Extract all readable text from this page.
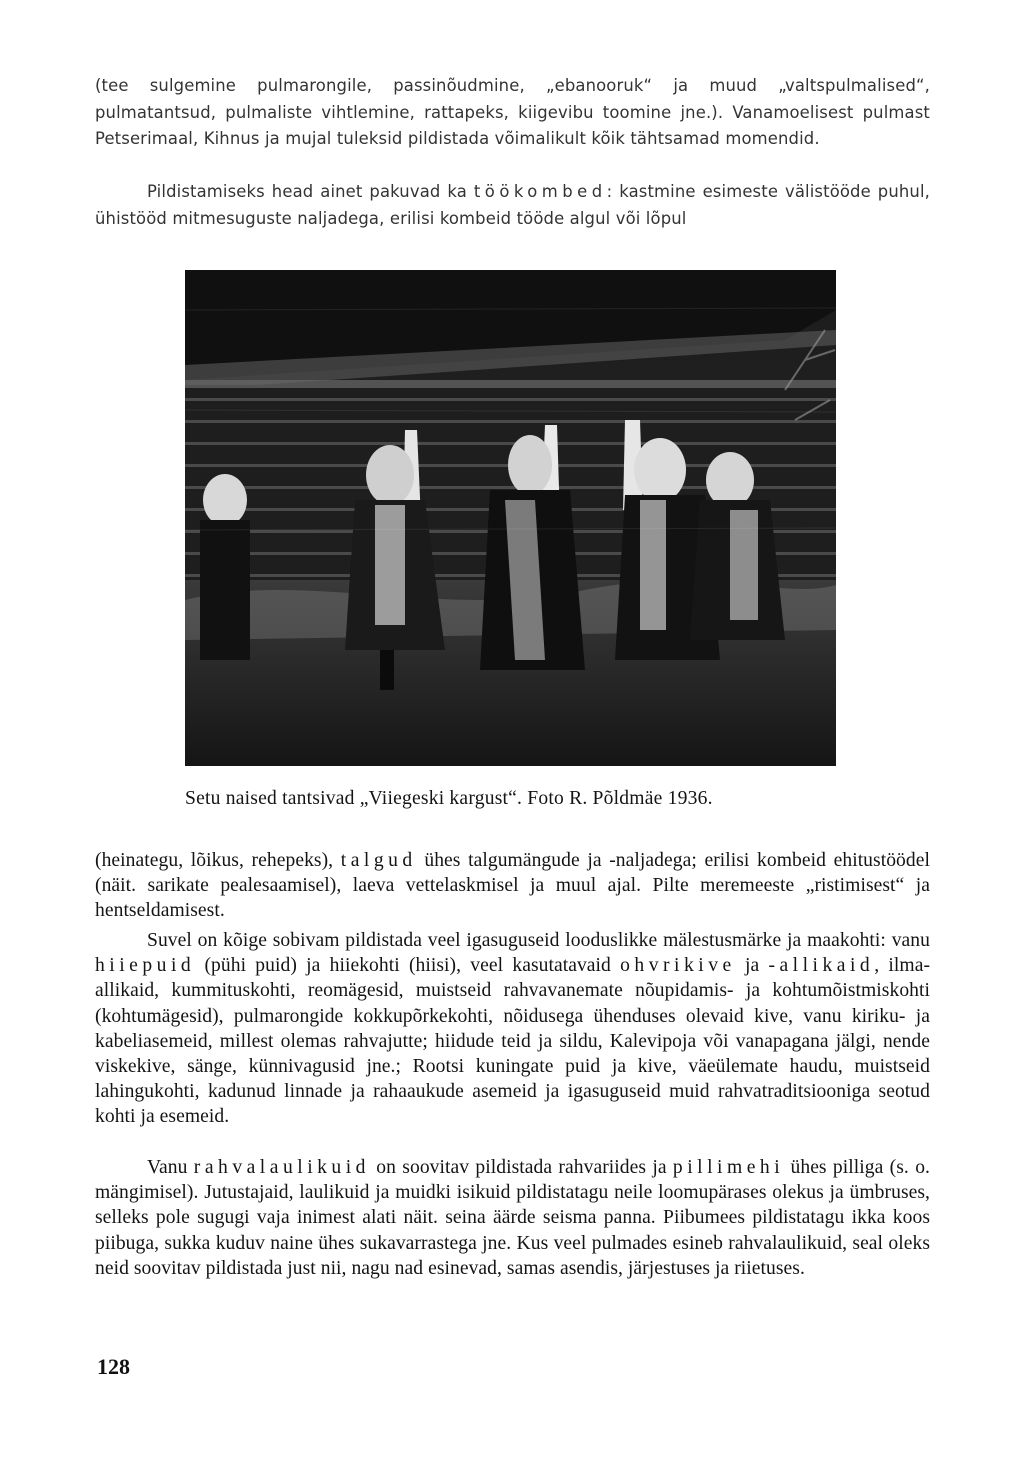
(tee sulgemine pulmarongile, passinõudmine, „ebanooruk“ ja muud „valtspulmalised“, pulmatantsud, pulmaliste vihtlemine, rattapeks, kiigevibu toomine jne.). Vanamoelisest pulmast Petserimaal, Kihnus ja mujal tuleksid pildistada võimalikult kõik tähtsamad momendid.

Pildistamiseks head ainet pakuvad ka töökombed: kastmine esimeste välistööde puhul, ühistööd mitmesuguste naljadega, erilisi kombeid tööde algul või lõpul

Setu naised tantsivad „Viiegeski kargust“. Foto R. Põldmäe 1936.

(heinategu, lõikus, rehepeks), talgud ühes talgumängude ja -naljadega; erilisi kombeid ehitustöödel (näit. sarikate pealesaamisel), laeva vettelaskmisel ja muul ajal. Pilte meremeeste „ristimisest“ ja hentseldamisest.

Suvel on kõige sobivam pildistada veel igasuguseid looduslikke mälestusmärke ja maakohti: vanu hiiepuid (pühi puid) ja hiiekohti (hiisi), veel kasutatavaid ohvrikive ja -allikaid, ilma-allikaid, kummituskohti, reomägesid, muistseid rahvavanemate nõupidamis- ja kohtumõistmiskohti (kohtumägesid), pulmarongide kokkupõrkekohti, nõidusega ühenduses olevaid kive, vanu kiriku- ja kabeliasemeid, millest olemas rahvajutte; hiidude teid ja sildu, Kalevipoja või vanapagana jälgi, nende viskekive, sänge, künnivagusid jne.; Rootsi kuningate puid ja kive, väeülemate haudu, muistseid lahingukohti, kadunud linnade ja rahaaukude asemeid ja igasuguseid muid rahvatraditsiooniga seotud kohti ja esemeid.

Vanu rahvalaulikuid on soovitav pildistada rahvariides ja pillimehi ühes pilliga (s. o. mängimisel). Jutustajaid, laulikuid ja muidki isikuid pildistatagu neile loomupärases olekus ja ümbruses, selleks pole sugugi vaja inimest alati näit. seina äärde seisma panna. Piibumees pildistatagu ikka koos piibuga, sukka kuduv naine ühes sukavarrastega jne. Kus veel pulmades esineb rahvalaulikuid, seal oleks neid soovitav pildistada just nii, nagu nad esinevad, samas asendis, järjestuses ja riietuses.

128
